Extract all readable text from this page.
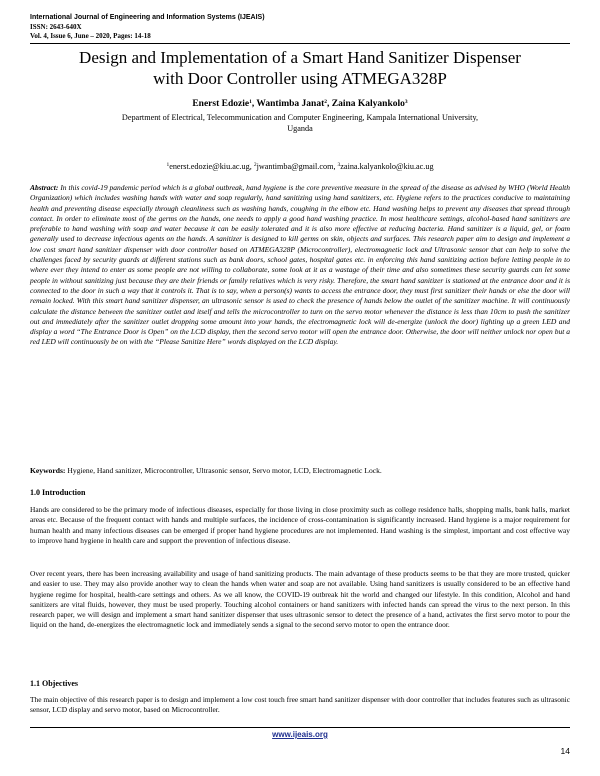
International Journal of Engineering and Information Systems (IJEAIS)
ISSN: 2643-640X
Vol. 4, Issue 6, June – 2020, Pages: 14-18
Design and Implementation of a Smart Hand Sanitizer Dispenser
with Door Controller using ATMEGA328P
Enerst Edozie$^1$, Wantimba Janat$^2$, Zaina Kalyankolo$^3$
Department of Electrical, Telecommunication and Computer Engineering, Kampala International University,
Uganda
$^1$enerst.edozie@kiu.ac.ug, $^2$jwantimba@gmail.com, $^3$zaina.kalyankolo@kiu.ac.ug

Abstract: In this covid-19 pandemic period which is a global outbreak, hand hygiene is the core preventive measure in the spread of the disease as advised by WHO (World Health Organization) which includes washing hands with water and soap regularly, hand sanitizing using hand sanitizers, etc. Hygiene refers to the practices conducive to maintaining health and preventing disease especially through cleanliness such as washing hands, coughing in the elbow etc. Hand washing helps to prevent any diseases that spread through contact. In order to eliminate most of the germs on the hands, one needs to apply a good hand washing practice. In most healthcare settings, alcohol-based hand sanitizers are preferable to hand washing with soap and water because it can be easily tolerated and it is also more effective at reducing bacteria. Hand sanitizer is a liquid, gel, or foam generally used to decrease infectious agents on the hands. A sanitizer is designed to kill germs on skin, objects and surfaces. This research paper aim to design and implement a low cost smart hand sanitizer dispenser with door controller based on ATMEGA328P (Microcontroller), electromagnetic lock and Ultrasonic sensor that can help to solve the challenges faced by security guards at different stations such as bank doors, school gates, hospital gates etc. in enforcing this hand sanitizing action before letting people in to where ever they intend to enter as some people are not willing to collaborate, some look at it as a wastage of their time and also sometimes these security guards can let some people in without sanitizing just because they are their friends or family relatives which is very risky. Therefore, the smart hand sanitizer is stationed at the entrance door and it is connected to the door in such a way that it controls it. That is to say, when a person(s) wants to access the entrance door, they must first sanitizer their hands or else the door will remain locked. With this smart hand sanitizer dispenser, an ultrasonic sensor is used to check the presence of hands below the outlet of the sanitizer machine. It will continuously calculate the distance between the sanitizer outlet and itself and tells the microcontroller to turn on the servo motor whenever the distance is less than 10cm to push the sanitizer out and immediately after the sanitizer outlet dropping some amount into your hands, the electromagnetic lock will de-energize (unlock the door) lighting up a green LED and display a word “The Entrance Door is Open” on the LCD display, then the second servo motor will open the entrance door. Otherwise, the door will neither unlock nor open but a red LED will continuously be on with the “Please Sanitize Here” words displayed on the LCD display.

Keywords: Hygiene, Hand sanitizer, Microcontroller, Ultrasonic sensor, Servo motor, LCD, Electromagnetic Lock.

1.0 Introduction

Hands are considered to be the primary mode of infectious diseases, especially for those living in close proximity such as college residence halls, shopping malls, bank halls, market areas etc. Because of the frequent contact with hands and multiple surfaces, the incidence of cross-contamination is significantly increased. Hand hygiene is a major requirement for human health and many infectious diseases can be emerged if proper hand hygiene procedures are not implemented. Hand washing is the simplest, important and cost effective way to improve hand hygiene in health care and support the prevention of infectious disease.

Over recent years, there has been increasing availability and usage of hand sanitizing products. The main advantage of these products seems to be that they are more trusted, quicker and easier to use. They may also provide another way to clean the hands when water and soap are not available. Using hand sanitizers is usually considered to be an effective hand hygiene regime for hospital, health-care settings and others. As we all know, the COVID-19 outbreak hit the world and changed our lifestyle. In this condition, Alcohol and hand sanitizers are vital fluids, however, they must be used properly. Touching alcohol containers or hand sanitizers with infected hands can spread the virus to the next person. In this research paper, we will design and implement a smart hand sanitizer dispenser that uses ultrasonic sensor to detect the presence of a hand, activates the first servo motor to pour the liquid on the hand, de-energizes the electromagnetic lock and immediately sends a signal to the second servo motor to open the entrance door.

1.1 Objectives

The main objective of this research paper is to design and implement a low cost touch free smart hand sanitizer dispenser with door controller that includes features such as ultrasonic sensor, LCD display and servo motor, based on Microcontroller.

www.ijeais.org
14
